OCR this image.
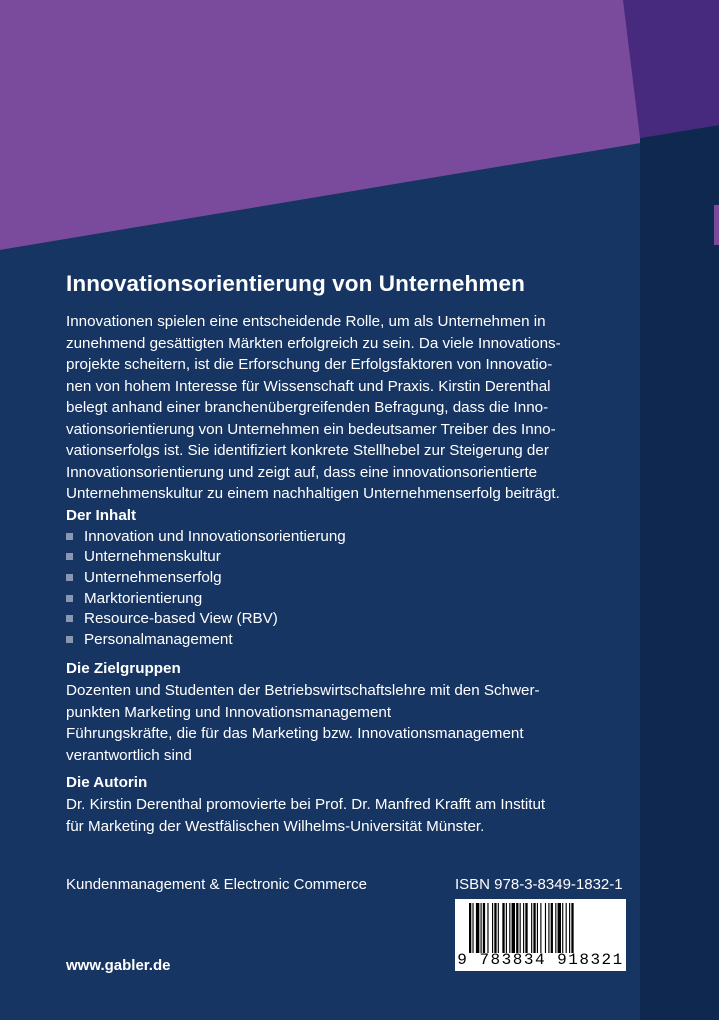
Innovationsorientierung von Unternehmen
Innovationen spielen eine entscheidende Rolle, um als Unternehmen in
zunehmend gesättigten Märkten erfolgreich zu sein. Da viele Innovations-
projekte scheitern, ist die Erforschung der Erfolgsfaktoren von Innovatio-
nen von hohem Interesse für Wissenschaft und Praxis. Kirstin Derenthal
belegt anhand einer branchenübergreifenden Befragung, dass die Inno-
vationsorientierung von Unternehmen ein bedeutsamer Treiber des Inno-
vationserfolgs ist. Sie identifiziert konkrete Stellhebel zur Steigerung der
Innovationsorientierung und zeigt auf, dass eine innovationsorientierte
Unternehmenskultur zu einem nachhaltigen Unternehmenserfolg beiträgt.
Der Inhalt
Innovation und Innovationsorientierung
Unternehmenskultur
Unternehmenserfolg
Marktorientierung
Resource-based View (RBV)
Personalmanagement
Die Zielgruppen
Dozenten und Studenten der Betriebswirtschaftslehre mit den Schwer-
punkten Marketing und Innovationsmanagement
Führungskräfte, die für das Marketing bzw. Innovationsmanagement
verantwortlich sind
Die Autorin
Dr. Kirstin Derenthal promovierte bei Prof. Dr. Manfred Krafft am Institut
für Marketing der Westfälischen Wilhelms-Universität Münster.
Kundenmanagement & Electronic Commerce	ISBN 978-3-8349-1832-1
www.gabler.de	9 783834 918321
